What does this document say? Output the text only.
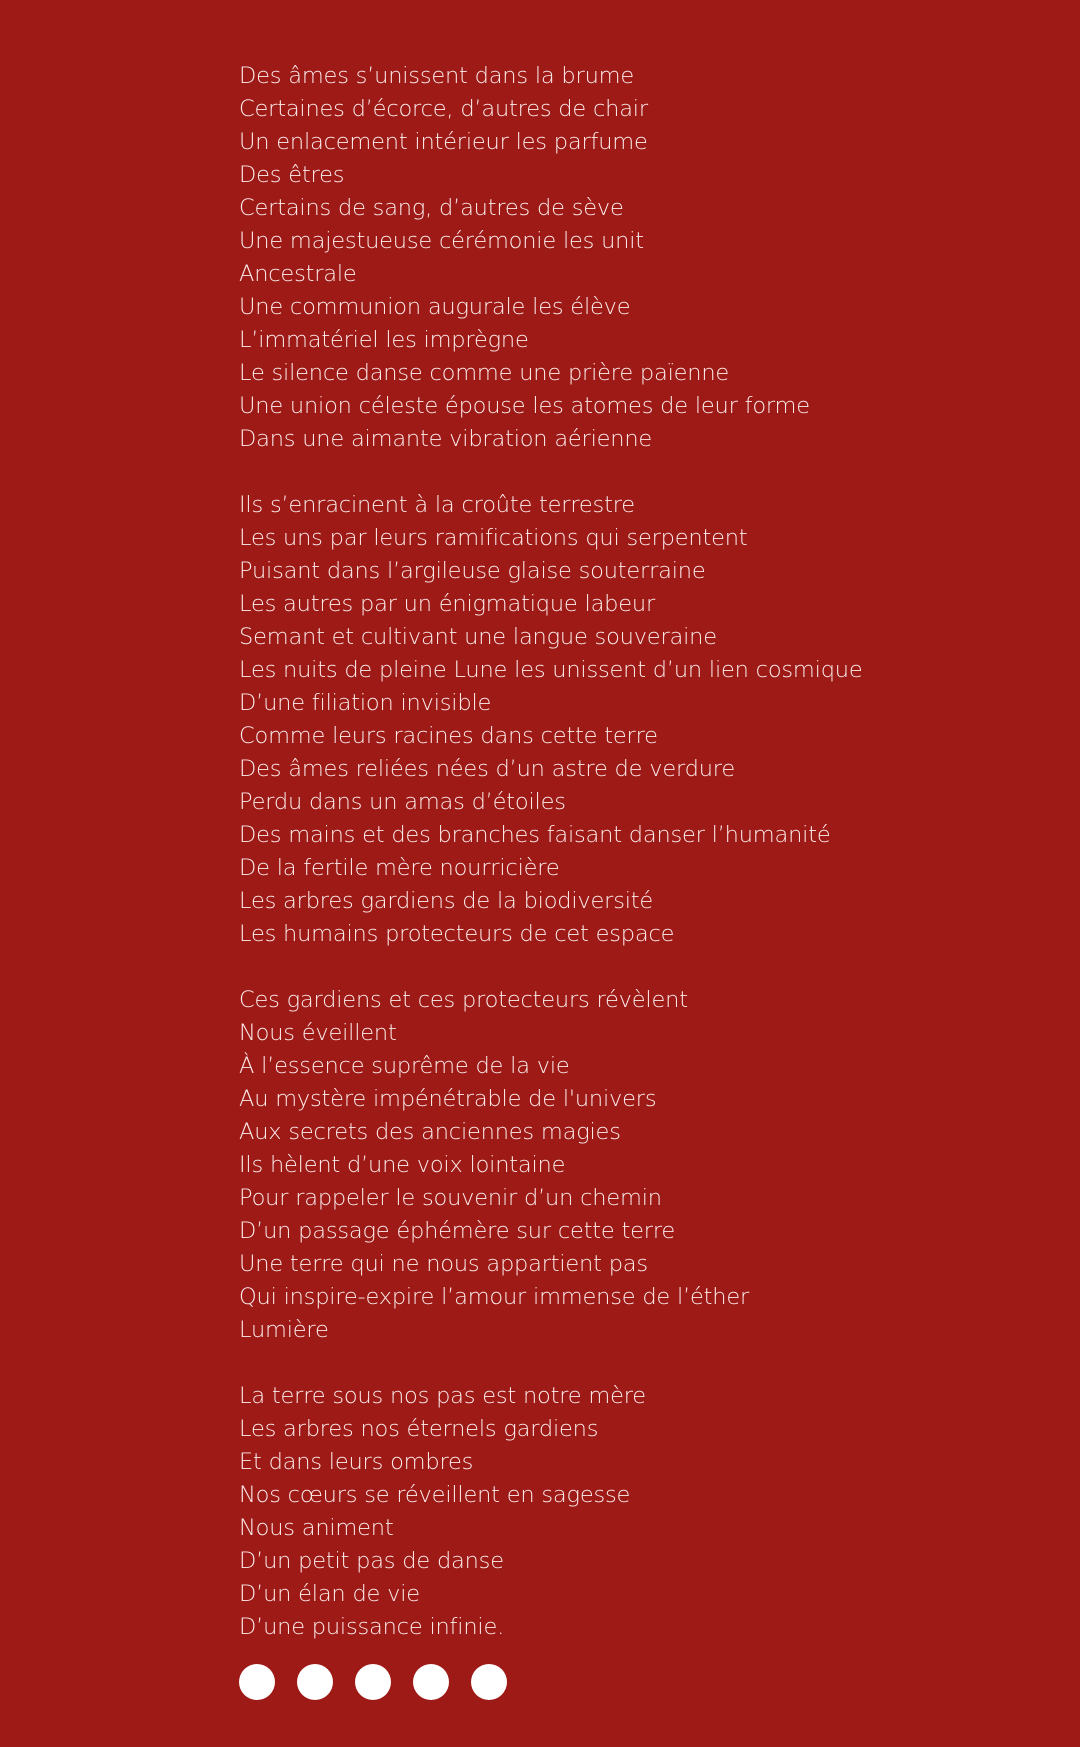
Des âmes s’unissent dans la brume
Certaines d’écorce, d’autres de chair
Un enlacement intérieur les parfume
Des êtres
Certains de sang, d’autres de sève
Une majestueuse cérémonie les unit
Ancestrale
Une communion augurale les élève
L’immatériel les imprègne
Le silence danse comme une prière païenne
Une union céleste épouse les atomes de leur forme
Dans une aimante vibration aérienne
Ils s’enracinent à la croûte terrestre
Les uns par leurs ramifications qui serpentent
Puisant dans l’argileuse glaise souterraine
Les autres par un énigmatique labeur
Semant et cultivant une langue souveraine
Les nuits de pleine Lune les unissent d’un lien cosmique
D’une filiation invisible
Comme leurs racines dans cette terre
Des âmes reliées nées d’un astre de verdure
Perdu dans un amas d’étoiles
Des mains et des branches faisant danser l’humanité
De la fertile mère nourricière
Les arbres gardiens de la biodiversité
Les humains protecteurs de cet espace
Ces gardiens et ces protecteurs révèlent
Nous éveillent
À l’essence suprême de la vie
Au mystère impénétrable de l'univers
Aux secrets des anciennes magies
Ils hèlent d’une voix lointaine
Pour rappeler le souvenir d’un chemin
D’un passage éphémère sur cette terre
Une terre qui ne nous appartient pas
Qui inspire-expire l’amour immense de l’éther
Lumière
La terre sous nos pas est notre mère
Les arbres nos éternels gardiens
Et dans leurs ombres
Nos cœurs se réveillent en sagesse
Nous animent
D’un petit pas de danse
D’un élan de vie
D’une puissance infinie.
